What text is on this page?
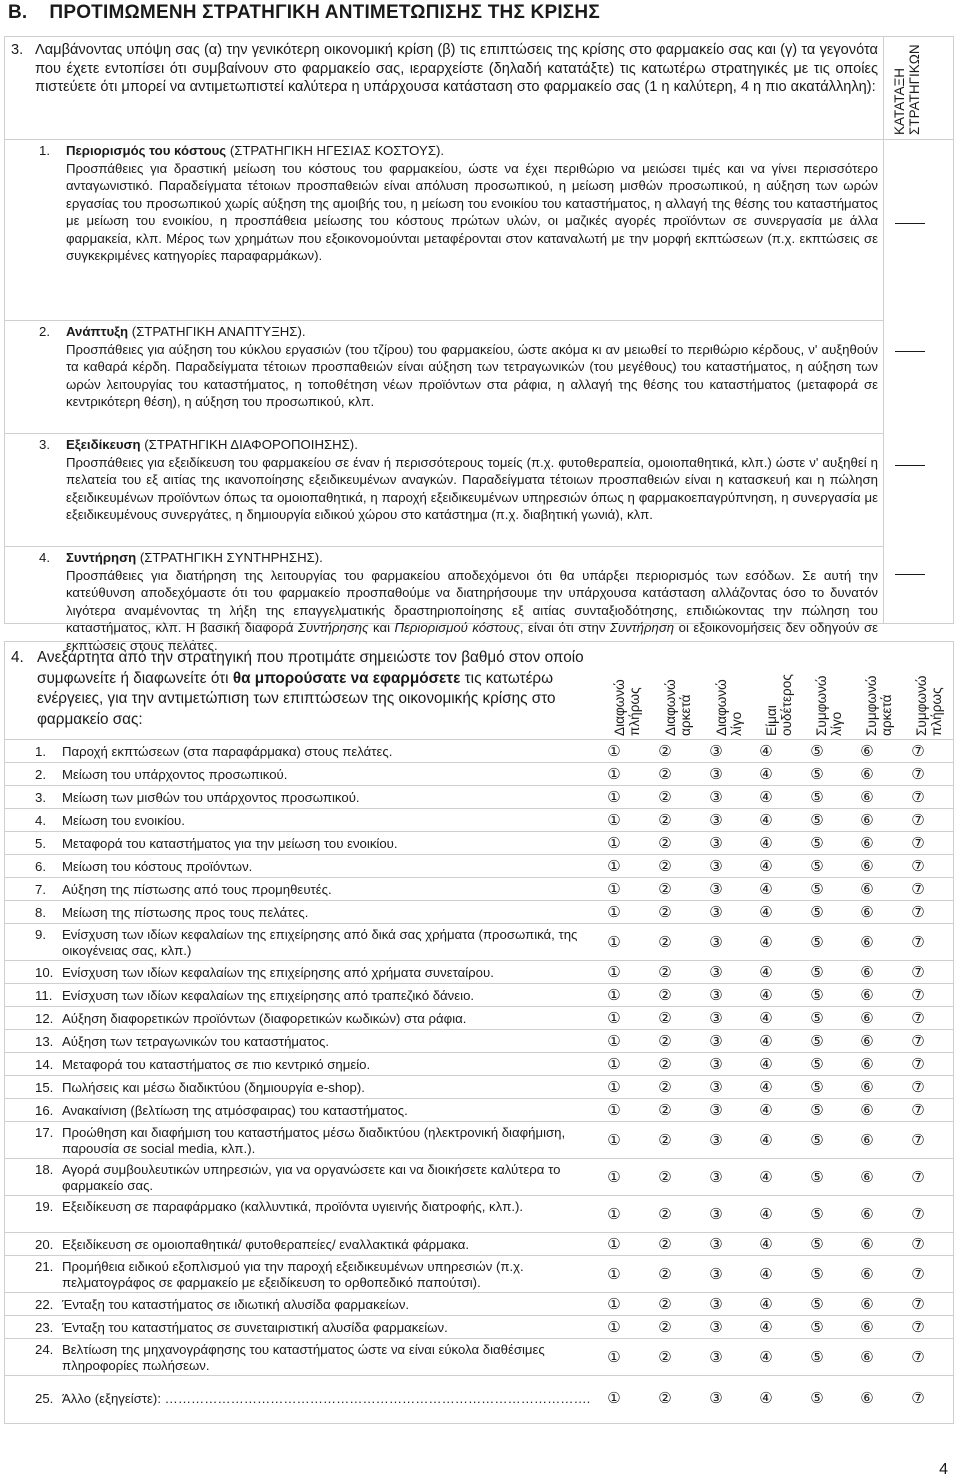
Β. ΠΡΟΤΙΜΩΜΕΝΗ ΣΤΡΑΤΗΓΙΚΗ ΑΝΤΙΜΕΤΩΠΙΣΗΣ ΤΗΣ ΚΡΙΣΗΣ
3. Λαμβάνοντας υπόψη σας (α) την γενικότερη οικονομική κρίση (β) τις επιπτώσεις της κρίσης στο φαρμακείο σας και (γ) τα γεγονότα που έχετε εντοπίσει ότι συμβαίνουν στο φαρμακείο σας, ιεραρχείστε (δηλαδή κατατάξτε) τις κατωτέρω στρατηγικές με τις οποίες πιστεύετε ότι μπορεί να αντιμετωπιστεί καλύτερα η υπάρχουσα κατάσταση στο φαρμακείο σας (1 η καλύτερη, 4 η πιο ακατάλληλη):
1. Περιορισμός του κόστους (ΣΤΡΑΤΗΓΙΚΗ ΗΓΕΣΙΑΣ ΚΟΣΤΟΥΣ).
Προσπάθειες για δραστική μείωση του κόστους του φαρμακείου, ώστε να έχει περιθώριο να μειώσει τιμές και να γίνει περισσότερο ανταγωνιστικό. Παραδείγματα τέτοιων προσπαθειών είναι απόλυση προσωπικού, η μείωση μισθών προσωπικού, η αύξηση των ωρών εργασίας του προσωπικού χωρίς αύξηση της αμοιβής του, η μείωση του ενοικίου του καταστήματος, η αλλαγή της θέσης του καταστήματος με μείωση του ενοικίου, η προσπάθεια μείωσης του κόστους πρώτων υλών, οι μαζικές αγορές προϊόντων σε συνεργασία με άλλα φαρμακεία, κλπ. Μέρος των χρημάτων που εξοικονομούνται μεταφέρονται στον καταναλωτή με την μορφή εκπτώσεων (π.χ. εκπτώσεις σε συγκεκριμένες κατηγορίες παραφαρμάκων).
2. Ανάπτυξη (ΣΤΡΑΤΗΓΙΚΗ ΑΝΑΠΤΥΞΗΣ).
Προσπάθειες για αύξηση του κύκλου εργασιών (του τζίρου) του φαρμακείου, ώστε ακόμα κι αν μειωθεί το περιθώριο κέρδους, ν' αυξηθούν τα καθαρά κέρδη. Παραδείγματα τέτοιων προσπαθειών είναι αύξηση των τετραγωνικών (του μεγέθους) του καταστήματος, η αύξηση των ωρών λειτουργίας του καταστήματος, η τοποθέτηση νέων προϊόντων στα ράφια, η αλλαγή της θέσης του καταστήματος (μεταφορά σε κεντρικότερη θέση), η αύξηση του προσωπικού, κλπ.
3. Εξειδίκευση (ΣΤΡΑΤΗΓΙΚΗ ΔΙΑΦΟΡΟΠΟΙΗΣΗΣ).
Προσπάθειες για εξειδίκευση του φαρμακείου σε έναν ή περισσότερους τομείς (π.χ. φυτοθεραπεία, ομοιοπαθητικά, κλπ.) ώστε ν' αυξηθεί η πελατεία του εξ αιτίας της ικανοποίησης εξειδικευμένων αναγκών. Παραδείγματα τέτοιων προσπαθειών είναι η κατασκευή και η πώληση εξειδικευμένων προϊόντων όπως τα ομοιοπαθητικά, η παροχή εξειδικευμένων υπηρεσιών όπως η φαρμακοεπαγρύπνηση, η συνεργασία με εξειδικευμένους συνεργάτες, η δημιουργία ειδικού χώρου στο κατάστημα (π.χ. διαβητική γωνιά), κλπ.
4. Συντήρηση (ΣΤΡΑΤΗΓΙΚΗ ΣΥΝΤΗΡΗΣΗΣ).
Προσπάθειες για διατήρηση της λειτουργίας του φαρμακείου αποδεχόμενοι ότι θα υπάρξει περιορισμός των εσόδων. Σε αυτή την κατεύθυνση αποδεχόμαστε ότι του φαρμακείο προσπαθούμε να διατηρήσουμε την υπάρχουσα κατάσταση αλλάζοντας όσο το δυνατόν λιγότερα αναμένοντας τη λήξη της επαγγελματικής δραστηριοποίησης εξ αιτίας συνταξιοδότησης, επιδιώκοντας την πώληση του καταστήματος, κλπ. Η βασική διαφορά Συντήρησης και Περιορισμού κόστους, είναι ότι στην Συντήρηση οι εξοικονομήσεις δεν οδηγούν σε εκπτώσεις στους πελάτες.
ΚΑΤΑΤΑΞΗ ΣΤΡΑΤΗΓΙΚΩΝ
4. Ανεξάρτητα από την στρατηγική που προτιμάτε σημειώστε τον βαθμό στον οποίο συμφωνείτε ή διαφωνείτε ότι θα μπορούσατε να εφαρμόσετε τις κατωτέρω ενέργειες, για την αντιμετώπιση των επιπτώσεων της οικονομικής κρίσης στο φαρμακείο σας:	Διαφωνώ πλήρως Διαφωνώ αρκετά Διαφωνώ λίγο Είμαι ουδέτερος Συμφωνώ λίγο Συμφωνώ αρκετά Συμφωνώ πλήρως
1.	Παροχή εκπτώσεων (στα παραφάρμακα) στους πελάτες.	①	②	③ ④	⑤ ⑥	⑦
2.	Μείωση του υπάρχοντος προσωπικού.	①	②	③ ④	⑤ ⑥	⑦
3.	Μείωση των μισθών του υπάρχοντος προσωπικού.	①	②	③ ④	⑤ ⑥	⑦
4.	Μείωση του ενοικίου.	①	②	③ ④	⑤ ⑥	⑦
5.	Μεταφορά του καταστήματος για την μείωση του ενοικίου.	①	②	③ ④	⑤ ⑥	⑦
6.	Μείωση του κόστους προϊόντων.	①	②	③ ④	⑤ ⑥	⑦
7.	Αύξηση της πίστωσης από τους προμηθευτές.	①	②	③ ④	⑤ ⑥	⑦
8.	Μείωση της πίστωσης προς τους πελάτες.	①	②	③ ④	⑤ ⑥	⑦
9.	Ενίσχυση των ιδίων κεφαλαίων της επιχείρησης από δικά σας χρήματα (προσωπικά, της οικογένειας σας, κλπ.)	①	②	③ ④	⑤ ⑥	⑦
10. Ενίσχυση των ιδίων κεφαλαίων της επιχείρησης από χρήματα συνεταίρου.	①	②	③ ④	⑤ ⑥	⑦
11. Ενίσχυση των ιδίων κεφαλαίων της επιχείρησης από τραπεζικό δάνειο.	①	②	③ ④	⑤ ⑥	⑦
12. Αύξηση διαφορετικών προϊόντων (διαφορετικών κωδικών) στα ράφια.	①	②	③ ④	⑤ ⑥	⑦
13. Αύξηση των τετραγωνικών του καταστήματος.	①	②	③ ④	⑤ ⑥	⑦
14. Μεταφορά του καταστήματος σε πιο κεντρικό σημείο.	①	②	③ ④	⑤ ⑥	⑦
15. Πωλήσεις και μέσω διαδικτύου (δημιουργία e-shop).	①	②	③ ④	⑤ ⑥	⑦
16. Ανακαίνιση (βελτίωση της ατμόσφαιρας) του καταστήματος.	①	②	③ ④	⑤ ⑥	⑦
17. Προώθηση και διαφήμιση του καταστήματος μέσω διαδικτύου (ηλεκτρονική διαφήμιση, παρουσία σε social media, κλπ.).	①	②	③ ④	⑤ ⑥	⑦
18. Αγορά συμβουλευτικών υπηρεσιών, για να οργανώσετε και να διοικήσετε καλύτερα το φαρμακείο σας.	①	②	③ ④	⑤ ⑥	⑦
19. Εξειδίκευση σε παραφάρμακο (καλλυντικά, προϊόντα υγιεινής διατροφής, κλπ.).	①	②	③ ④	⑤ ⑥	⑦
20. Εξειδίκευση σε ομοιοπαθητικά/ φυτοθεραπείες/ εναλλακτικά φάρμακα.	①	②	③ ④	⑤ ⑥	⑦
21. Προμήθεια ειδικού εξοπλισμού για την παροχή εξειδικευμένων υπηρεσιών (π.χ. πελματογράφος σε φαρμακείο με εξειδίκευση το ορθοπεδικό παπούτσι).	①	②	③ ④	⑤ ⑥	⑦
22. Ένταξη του καταστήματος σε ιδιωτική αλυσίδα φαρμακείων.	①	②	③ ④	⑤ ⑥	⑦
23. Ένταξη του καταστήματος σε συνεταιριστική αλυσίδα φαρμακείων.	①	②	③ ④	⑤ ⑥	⑦
24. Βελτίωση της μηχανογράφησης του καταστήματος ώστε να είναι εύκολα διαθέσιμες πληροφορίες πωλήσεων.	①	②	③ ④	⑤ ⑥	⑦
25. Άλλο (εξηγείστε): …………………………………………………………………………………….	①	②	③ ④	⑤ ⑥	⑦
4
